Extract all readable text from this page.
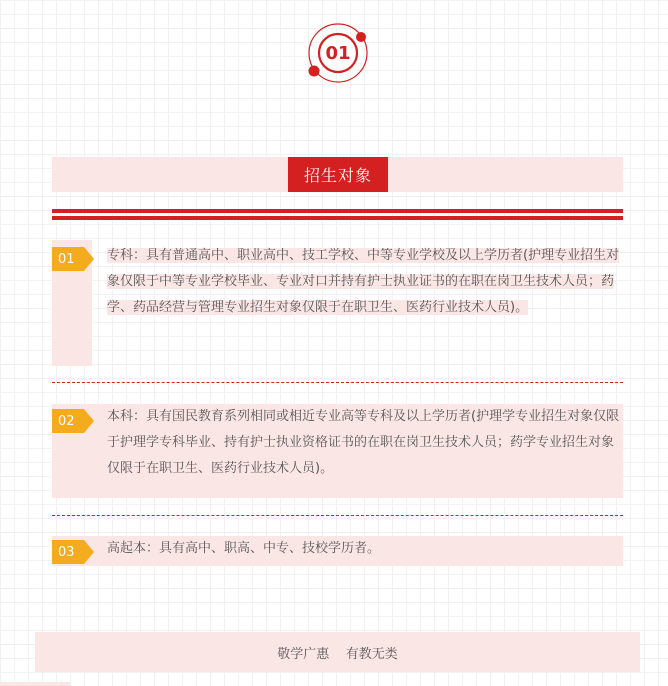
01
招生对象
01	专科：具有普通高中、职业高中、技工学校、中等专业学校及以上学历者(护理专业招生对象仅限于中等专业学校毕业、专业对口并持有护士执业证书的在职在岗卫生技术人员；药学、药品经营与管理专业招生对象仅限于在职卫生、医药行业技术人员)。
02	本科：具有国民教育系列相同或相近专业高等专科及以上学历者(护理学专业招生对象仅限于护理学专科毕业、持有护士执业资格证书的在职在岗卫生技术人员；药学专业招生对象仅限于在职卫生、医药行业技术人员)。
03	高起本：具有高中、职高、中专、技校学历者。
敬学广惠    有教无类
